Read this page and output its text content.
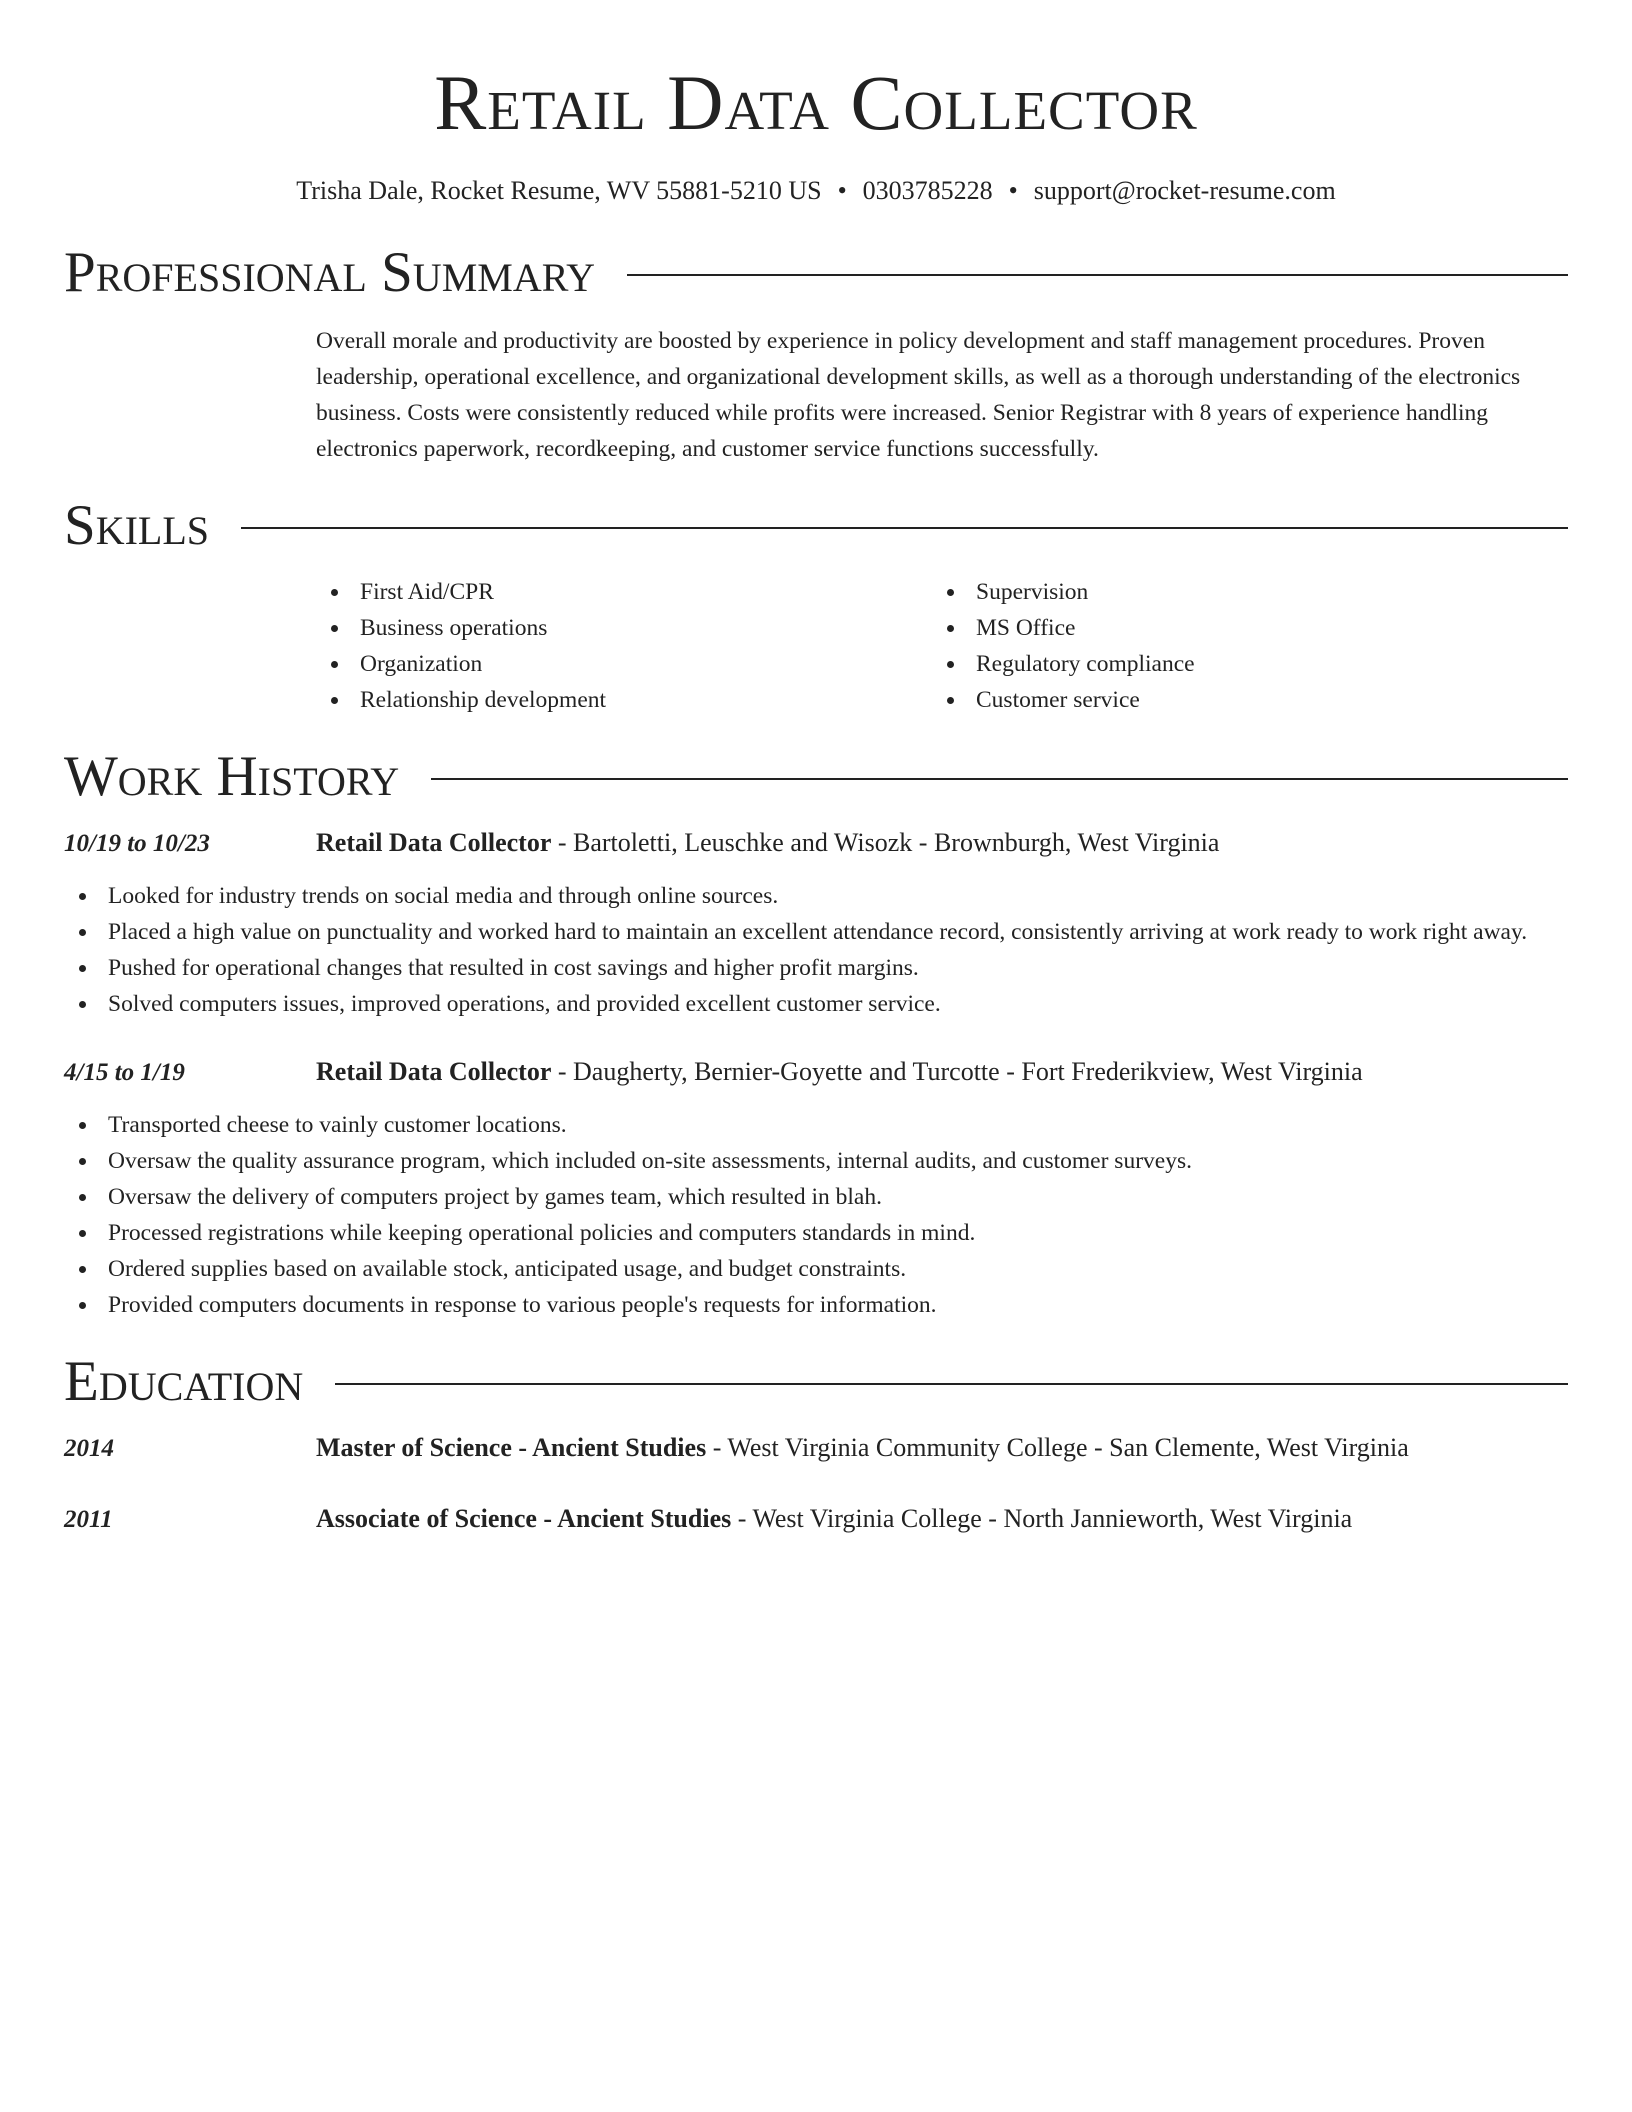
Retail Data Collector
Trisha Dale, Rocket Resume, WV 55881-5210 US • 0303785228 • support@rocket-resume.com
Professional Summary
Overall morale and productivity are boosted by experience in policy development and staff management procedures. Proven leadership, operational excellence, and organizational development skills, as well as a thorough understanding of the electronics business. Costs were consistently reduced while profits were increased. Senior Registrar with 8 years of experience handling electronics paperwork, recordkeeping, and customer service functions successfully.
Skills
First Aid/CPR
Business operations
Organization
Relationship development
Supervision
MS Office
Regulatory compliance
Customer service
Work History
10/19 to 10/23	Retail Data Collector - Bartoletti, Leuschke and Wisozk - Brownburgh, West Virginia
Looked for industry trends on social media and through online sources.
Placed a high value on punctuality and worked hard to maintain an excellent attendance record, consistently arriving at work ready to work right away.
Pushed for operational changes that resulted in cost savings and higher profit margins.
Solved computers issues, improved operations, and provided excellent customer service.
4/15 to 1/19	Retail Data Collector - Daugherty, Bernier-Goyette and Turcotte - Fort Frederikview, West Virginia
Transported cheese to vainly customer locations.
Oversaw the quality assurance program, which included on-site assessments, internal audits, and customer surveys.
Oversaw the delivery of computers project by games team, which resulted in blah.
Processed registrations while keeping operational policies and computers standards in mind.
Ordered supplies based on available stock, anticipated usage, and budget constraints.
Provided computers documents in response to various people's requests for information.
Education
2014	Master of Science - Ancient Studies - West Virginia Community College - San Clemente, West Virginia
2011	Associate of Science - Ancient Studies - West Virginia College - North Jannieworth, West Virginia
